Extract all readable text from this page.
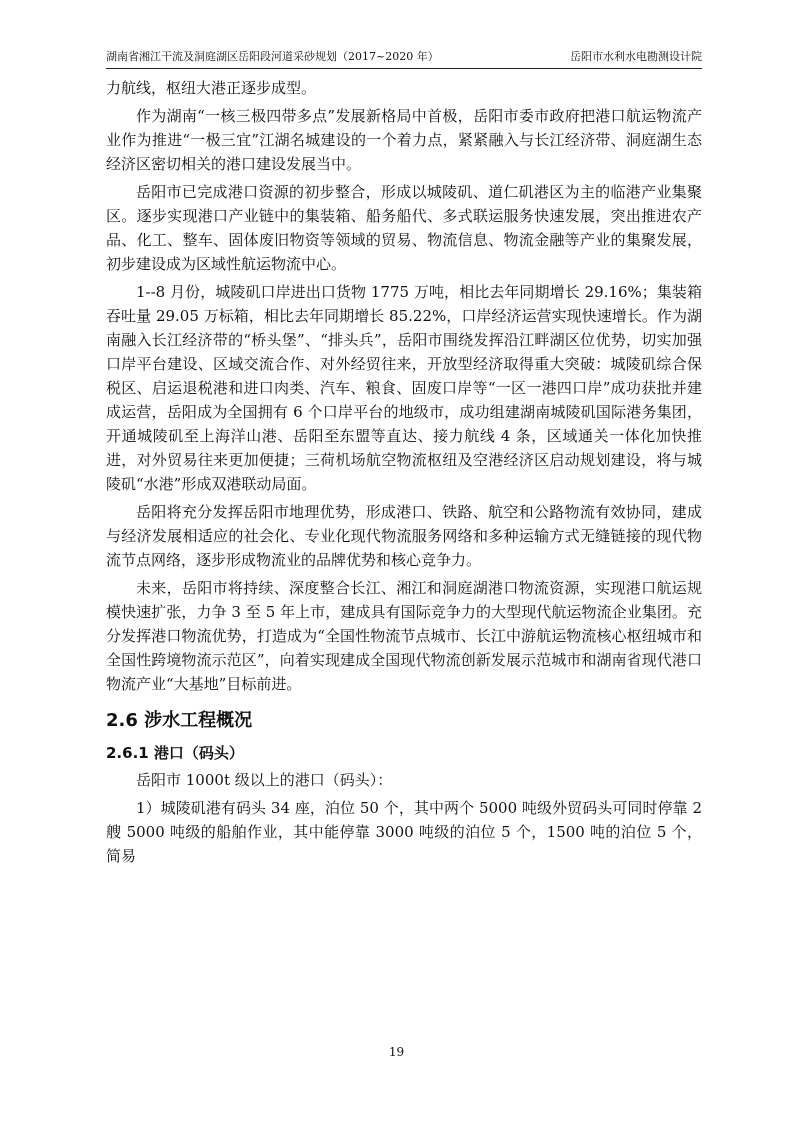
湖南省湘江干流及洞庭湖区岳阳段河道采砂规划（2017~2020 年）	岳阳市水利水电勘测设计院

力航线，枢纽大港正逐步成型。

作为湖南“一核三极四带多点”发展新格局中首极，岳阳市委市政府把港口航运物流产业作为推进“一极三宜”江湖名城建设的一个着力点，紧紧融入与长江经济带、洞庭湖生态经济区密切相关的港口建设发展当中。

岳阳市已完成港口资源的初步整合，形成以城陵矶、道仁矶港区为主的临港产业集聚区。逐步实现港口产业链中的集装箱、船务船代、多式联运服务快速发展，突出推进农产品、化工、整车、固体废旧物资等领域的贸易、物流信息、物流金融等产业的集聚发展，初步建设成为区域性航运物流中心。

1--8 月份，城陵矶口岸进出口货物 1775 万吨，相比去年同期增长 29.16%；集装箱吞吐量 29.05 万标箱，相比去年同期增长 85.22%，口岸经济运营实现快速增长。作为湖南融入长江经济带的“桥头堡”、“排头兵”，岳阳市围绕发挥沿江畔湖区位优势，切实加强口岸平台建设、区域交流合作、对外经贸往来，开放型经济取得重大突破：城陵矶综合保税区、启运退税港和进口肉类、汽车、粮食、固废口岸等“一区一港四口岸”成功获批并建成运营，岳阳成为全国拥有 6 个口岸平台的地级市，成功组建湖南城陵矶国际港务集团，开通城陵矶至上海洋山港、岳阳至东盟等直达、接力航线 4 条，区域通关一体化加快推进，对外贸易往来更加便捷；三荷机场航空物流枢纽及空港经济区启动规划建设，将与城陵矶“水港”形成双港联动局面。

岳阳将充分发挥岳阳市地理优势，形成港口、铁路、航空和公路物流有效协同，建成与经济发展相适应的社会化、专业化现代物流服务网络和多种运输方式无缝链接的现代物流节点网络，逐步形成物流业的品牌优势和核心竞争力。

未来，岳阳市将持续、深度整合长江、湘江和洞庭湖港口物流资源，实现港口航运规模快速扩张，力争 3 至 5 年上市，建成具有国际竞争力的大型现代航运物流企业集团。充分发挥港口物流优势，打造成为“全国性物流节点城市、长江中游航运物流核心枢纽城市和全国性跨境物流示范区”，向着实现建成全国现代物流创新发展示范城市和湖南省现代港口物流产业“大基地”目标前进。

2.6 涉水工程概况
2.6.1 港口（码头）

岳阳市 1000t 级以上的港口（码头）：

1）城陵矶港有码头 34 座，泊位 50 个，其中两个 5000 吨级外贸码头可同时停靠 2 艘 5000 吨级的船舶作业，其中能停靠 3000 吨级的泊位 5 个，1500 吨的泊位 5 个，简易

19
